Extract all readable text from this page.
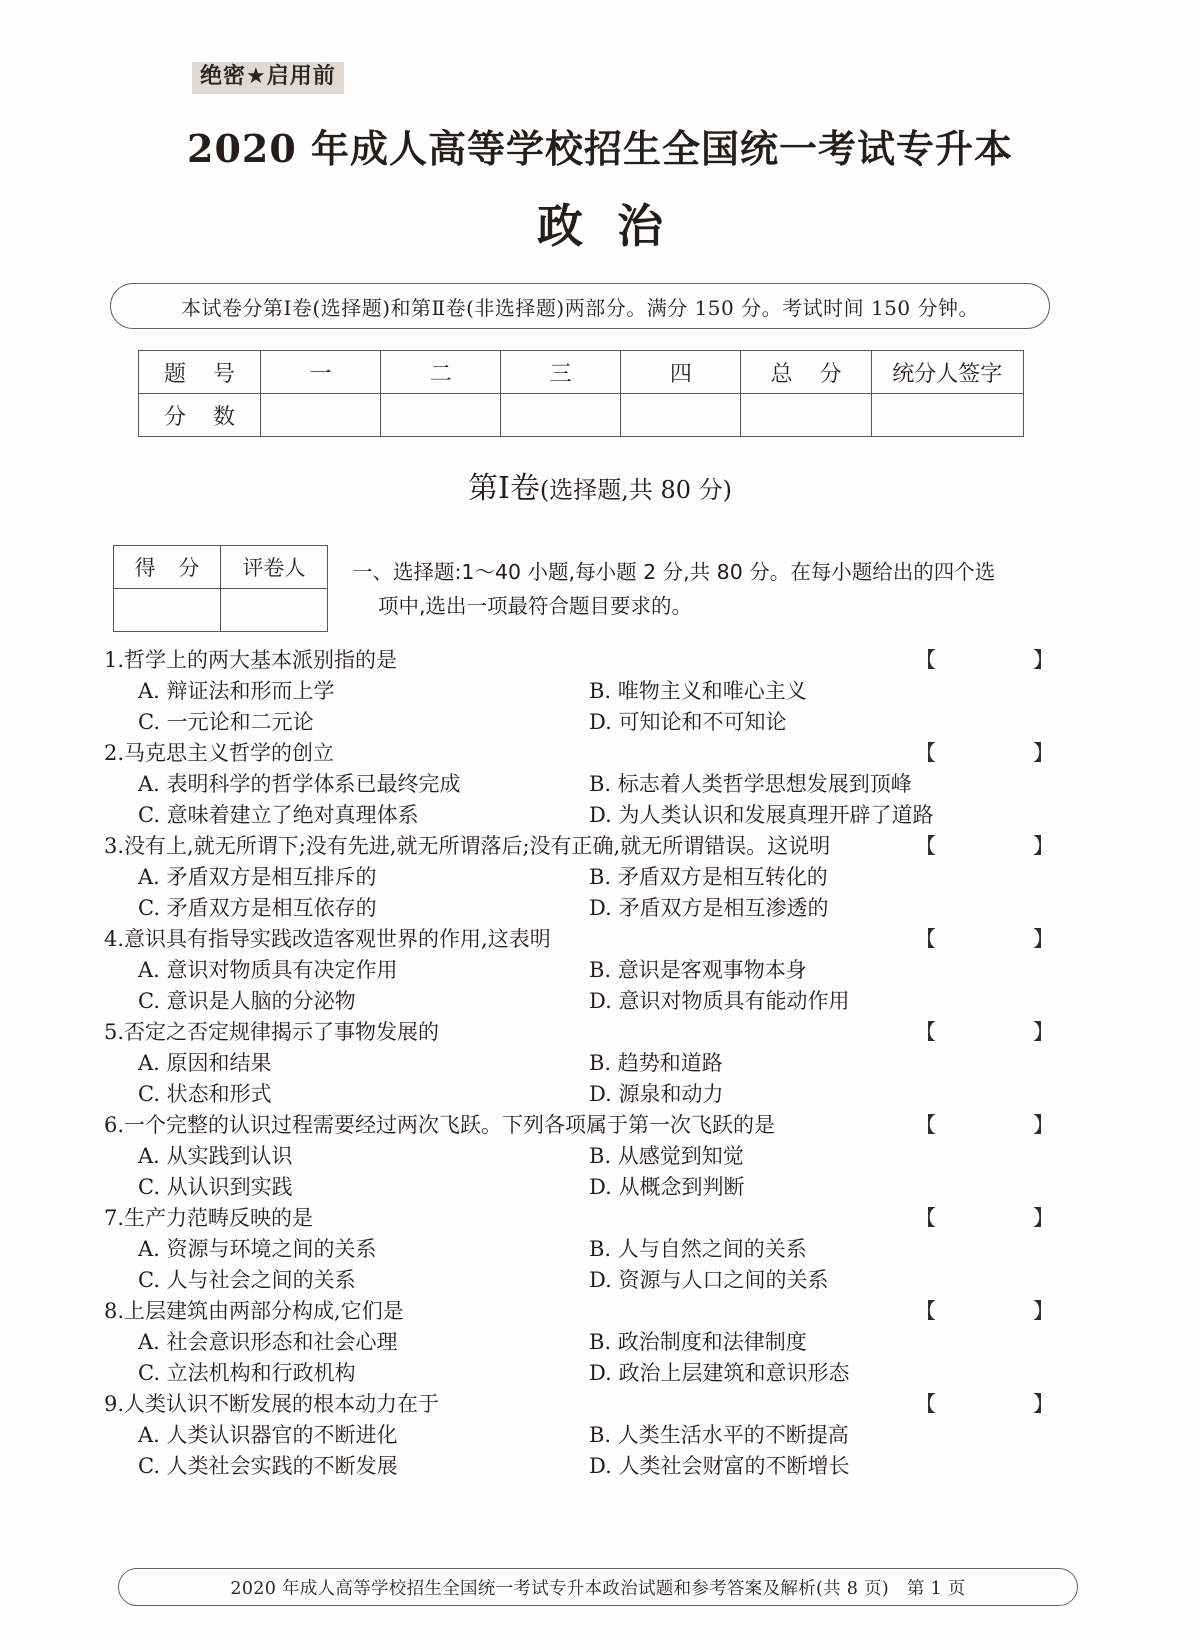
绝密★启用前
2020 年成人高等学校招生全国统一考试专升本
政治
本试卷分第Ⅰ卷(选择题)和第Ⅱ卷(非选择题)两部分。满分 150 分。考试时间 150 分钟。
题 号	一	二	三	四	总 分	统分人签字
分 数						
第Ⅰ卷(选择题,共 80 分)
得 分	评卷人
	一、选择题:1～40 小题,每小题 2 分,共 80 分。在每小题给出的四个选
项中,选出一项最符合题目要求的。
1.哲学上的两大基本派别指的是	【　】
A. 辩证法和形而上学	B. 唯物主义和唯心主义
C. 一元论和二元论	D. 可知论和不可知论
2.马克思主义哲学的创立	【　】
A. 表明科学的哲学体系已最终完成	B. 标志着人类哲学思想发展到顶峰
C. 意味着建立了绝对真理体系	D. 为人类认识和发展真理开辟了道路
3.没有上,就无所谓下;没有先进,就无所谓落后;没有正确,就无所谓错误。这说明	【　】
A. 矛盾双方是相互排斥的	B. 矛盾双方是相互转化的
C. 矛盾双方是相互依存的	D. 矛盾双方是相互渗透的
4.意识具有指导实践改造客观世界的作用,这表明	【　】
A. 意识对物质具有决定作用	B. 意识是客观事物本身
C. 意识是人脑的分泌物	D. 意识对物质具有能动作用
5.否定之否定规律揭示了事物发展的	【　】
A. 原因和结果	B. 趋势和道路
C. 状态和形式	D. 源泉和动力
6.一个完整的认识过程需要经过两次飞跃。下列各项属于第一次飞跃的是	【　】
A. 从实践到认识	B. 从感觉到知觉
C. 从认识到实践	D. 从概念到判断
7.生产力范畴反映的是	【　】
A. 资源与环境之间的关系	B. 人与自然之间的关系
C. 人与社会之间的关系	D. 资源与人口之间的关系
8.上层建筑由两部分构成,它们是	【　】
A. 社会意识形态和社会心理	B. 政治制度和法律制度
C. 立法机构和行政机构	D. 政治上层建筑和意识形态
9.人类认识不断发展的根本动力在于	【　】
A. 人类认识器官的不断进化	B. 人类生活水平的不断提高
C. 人类社会实践的不断发展	D. 人类社会财富的不断增长
2020 年成人高等学校招生全国统一考试专升本政治试题和参考答案及解析(共 8 页)　第 1 页
